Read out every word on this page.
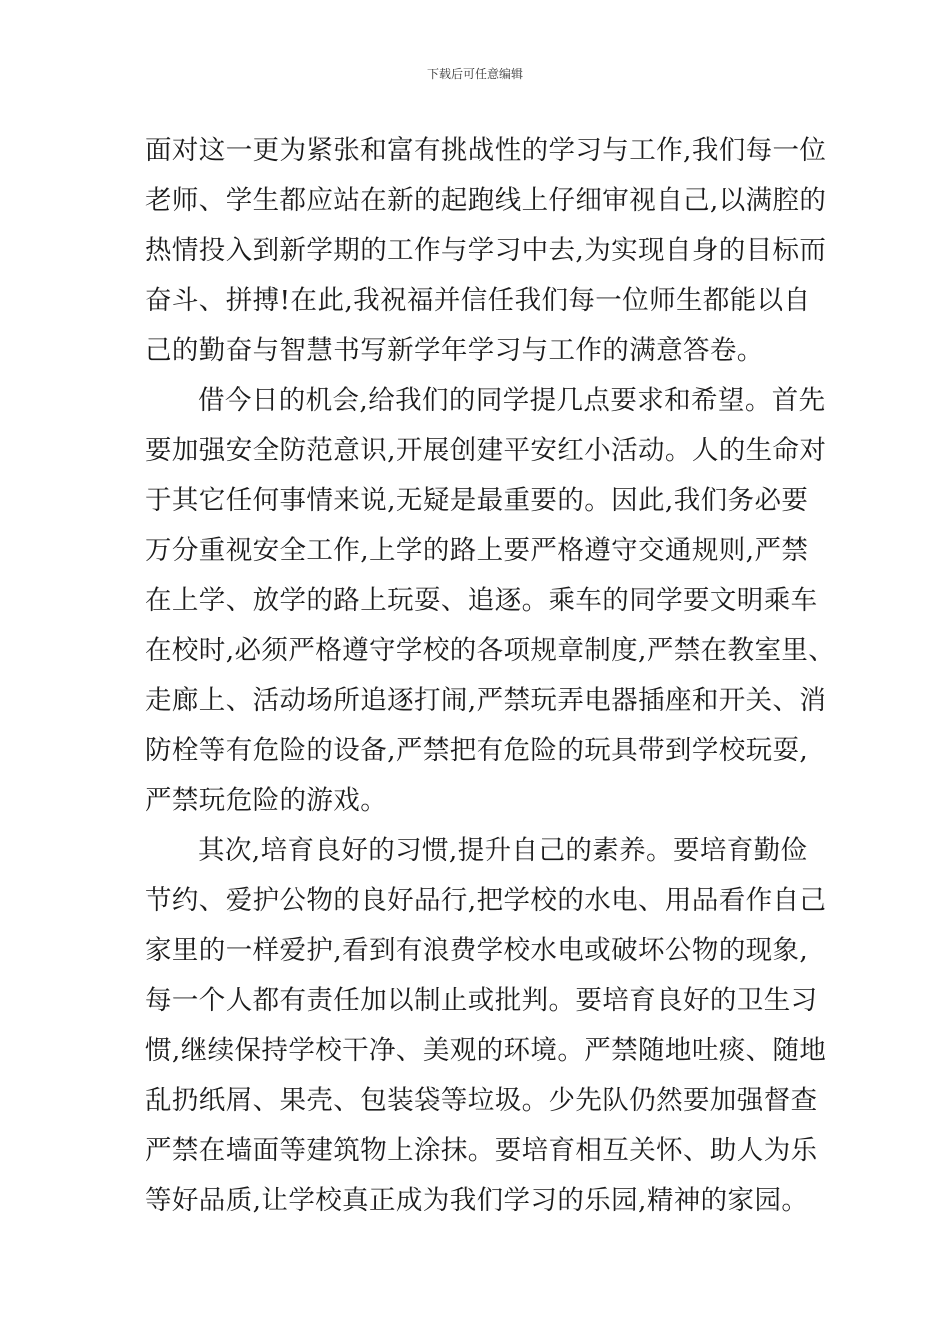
下载后可任意编辑
面对这一更为紧张和富有挑战性的学习与工作,我们每一位
老师、学生都应站在新的起跑线上仔细审视自己,以满腔的
热情投入到新学期的工作与学习中去,为实现自身的目标而
奋斗、拼搏!在此,我祝福并信任我们每一位师生都能以自
己的勤奋与智慧书写新学年学习与工作的满意答卷。
借今日的机会,给我们的同学提几点要求和希望。首先
要加强安全防范意识,开展创建平安红小活动。人的生命对
于其它任何事情来说,无疑是最重要的。因此,我们务必要
万分重视安全工作,上学的路上要严格遵守交通规则,严禁
在上学、放学的路上玩耍、追逐。乘车的同学要文明乘车
在校时,必须严格遵守学校的各项规章制度,严禁在教室里、
走廊上、活动场所追逐打闹,严禁玩弄电器插座和开关、消
防栓等有危险的设备,严禁把有危险的玩具带到学校玩耍,
严禁玩危险的游戏。
其次,培育良好的习惯,提升自己的素养。要培育勤俭
节约、爱护公物的良好品行,把学校的水电、用品看作自己
家里的一样爱护,看到有浪费学校水电或破坏公物的现象,
每一个人都有责任加以制止或批判。要培育良好的卫生习
惯,继续保持学校干净、美观的环境。严禁随地吐痰、随地
乱扔纸屑、果壳、包装袋等垃圾。少先队仍然要加强督查
严禁在墙面等建筑物上涂抹。要培育相互关怀、助人为乐
等好品质,让学校真正成为我们学习的乐园,精神的家园。
